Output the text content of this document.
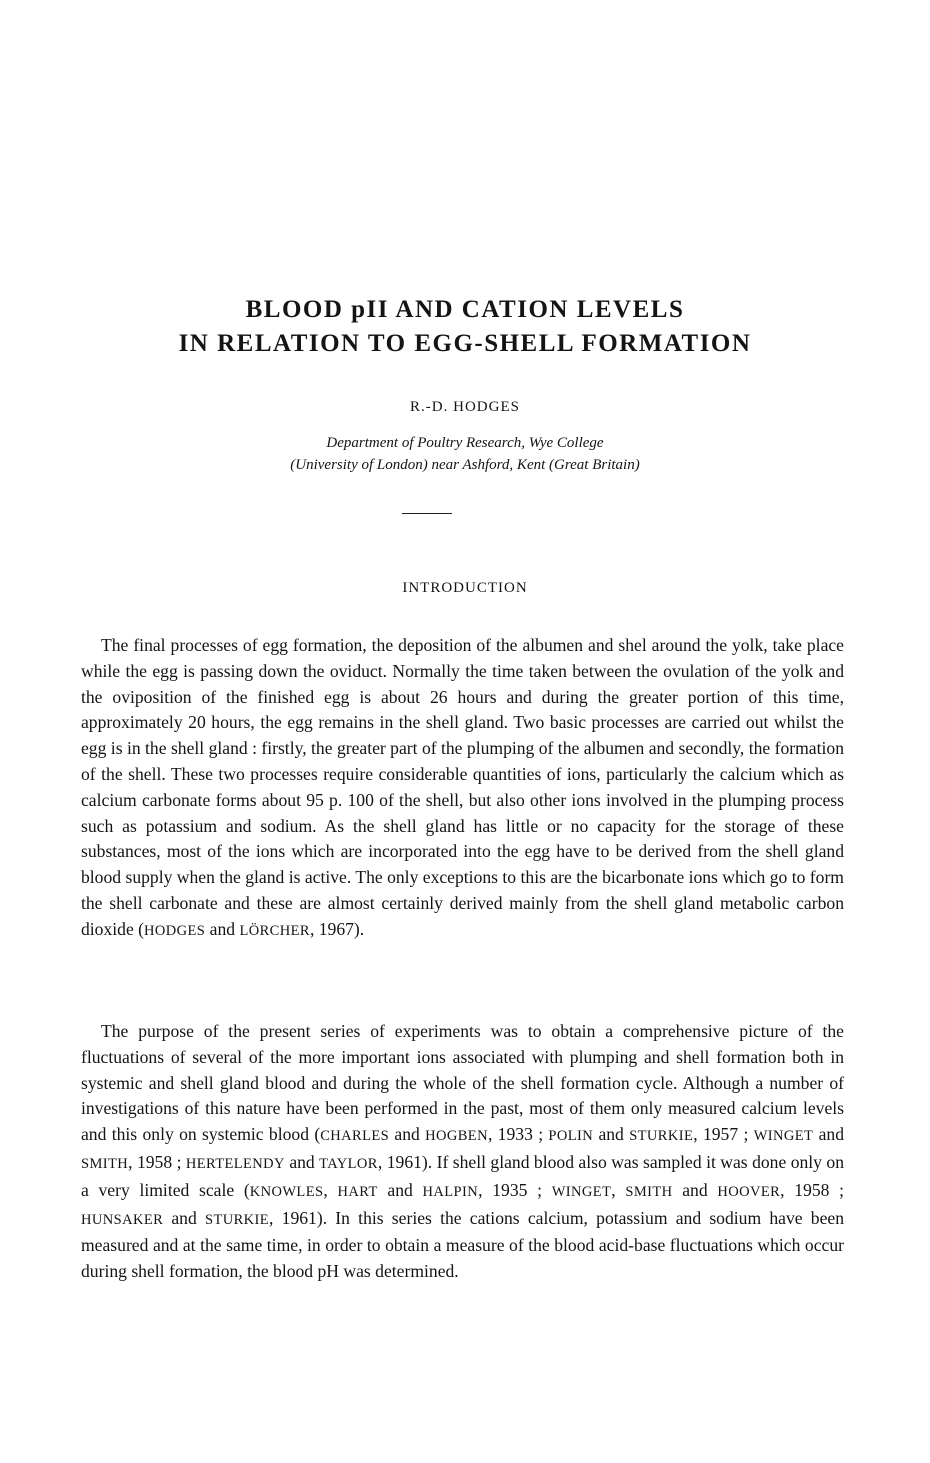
BLOOD pII AND CATION LEVELS
IN RELATION TO EGG-SHELL FORMATION
R.-D. HODGES
Department of Poultry Research, Wye College
(University of London) near Ashford, Kent (Great Britain)
INTRODUCTION

The final processes of egg formation, the deposition of the albumen and shel around the yolk, take place while the egg is passing down the oviduct. Normally the time taken between the ovulation of the yolk and the oviposition of the finished egg is about 26 hours and during the greater portion of this time, approximately 20 hours, the egg remains in the shell gland. Two basic processes are carried out whilst the egg is in the shell gland : firstly, the greater part of the plumping of the albumen and secondly, the formation of the shell. These two processes require considerable quantities of ions, particularly the calcium which as calcium carbonate forms about 95 p. 100 of the shell, but also other ions involved in the plumping process such as potassium and sodium. As the shell gland has little or no capacity for the storage of these substances, most of the ions which are incorporated into the egg have to be derived from the shell gland blood supply when the gland is active. The only exceptions to this are the bicarbonate ions which go to form the shell carbonate and these are almost certainly derived mainly from the shell gland metabolic carbon dioxide (HODGES and LÖRCHER, 1967).

The purpose of the present series of experiments was to obtain a comprehensive picture of the fluctuations of several of the more important ions associated with plumping and shell formation both in systemic and shell gland blood and during the whole of the shell formation cycle. Although a number of investigations of this nature have been performed in the past, most of them only measured calcium levels and this only on systemic blood (CHARLES and HOGBEN, 1933 ; POLIN and STURKIE, 1957 ; WINGET and SMITH, 1958 ; HERTELENDY and TAYLOR, 1961). If shell gland blood also was sampled it was done only on a very limited scale (KNOWLES, HART and HALPIN, 1935 ; WINGET, SMITH and HOOVER, 1958 ; HUNSAKER and STURKIE, 1961). In this series the cations calcium, potassium and sodium have been measured and at the same time, in order to obtain a measure of the blood acid-base fluctuations which occur during shell formation, the blood pH was determined.
